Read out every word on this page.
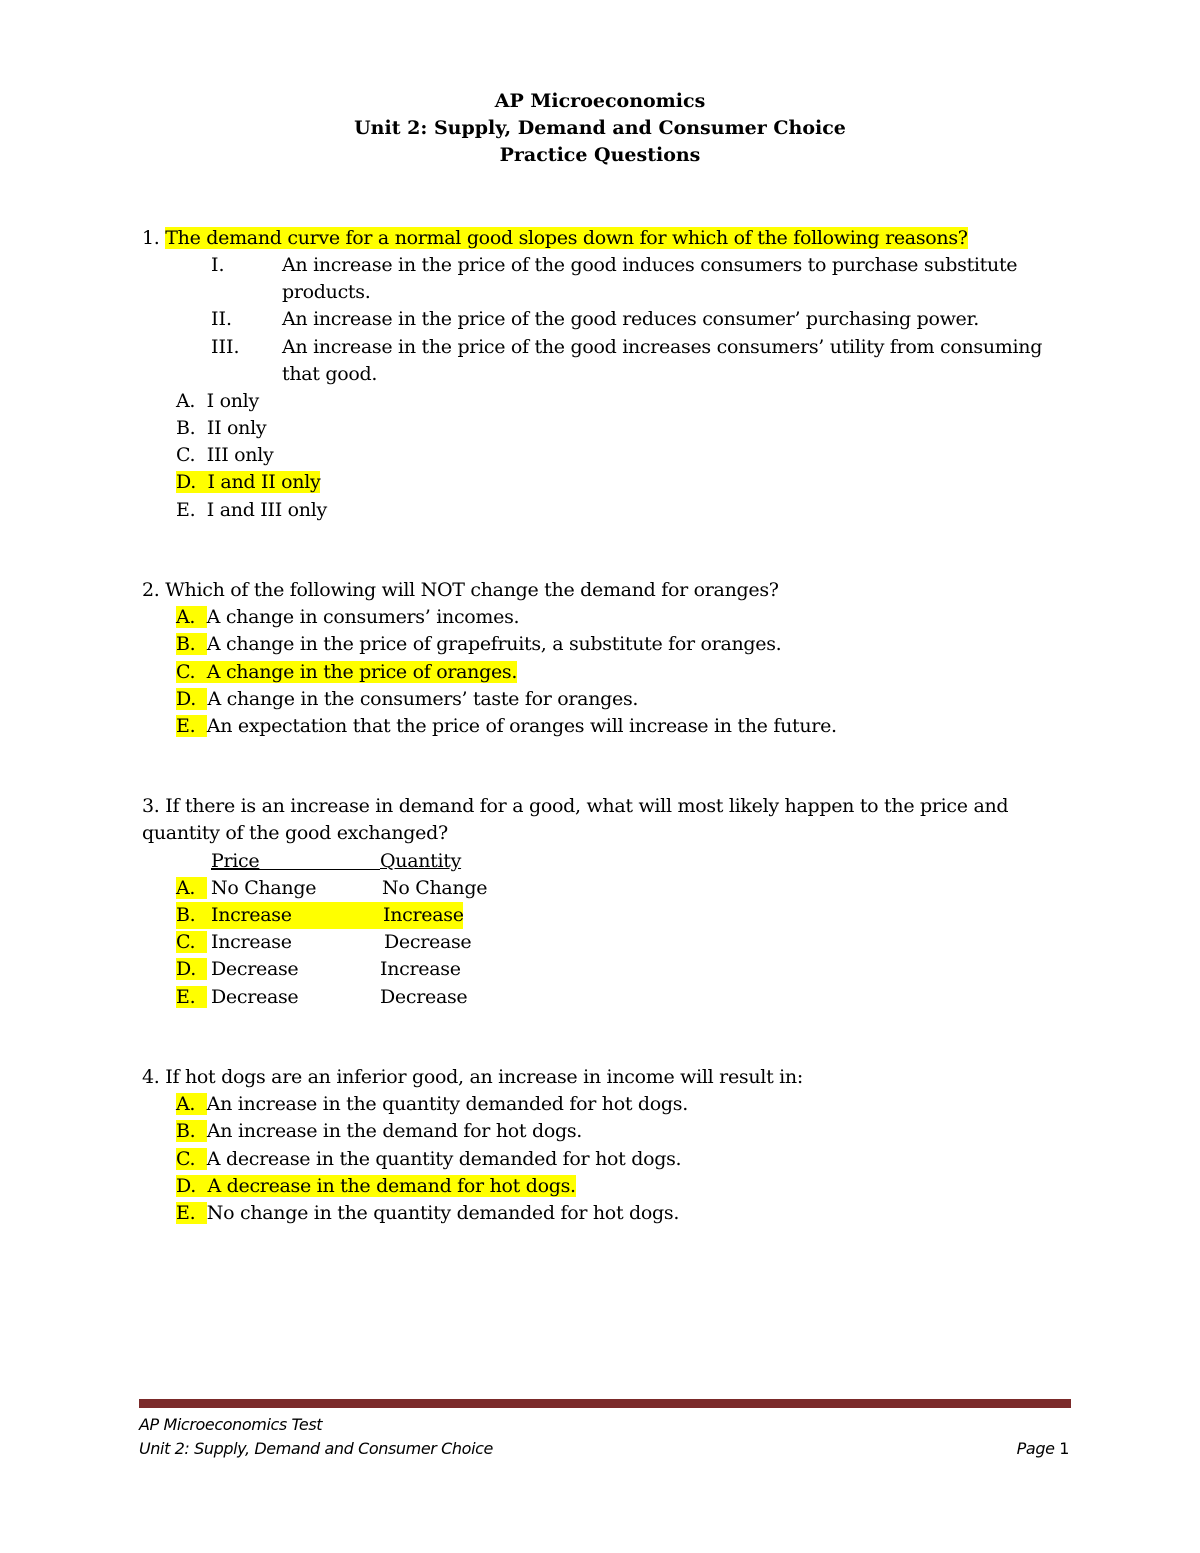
AP Microeconomics
Unit 2: Supply, Demand and Consumer Choice
Practice Questions
1. The demand curve for a normal good slopes down for which of the following reasons?
I.	An increase in the price of the good induces consumers to purchase substitute
products.
II.	An increase in the price of the good reduces consumer’ purchasing power.
III. An increase in the price of the good increases consumers’ utility from consuming
that good.
A. I only
B. II only
C. III only
D. I and II only
E. I and III only
2. Which of the following will NOT change the demand for oranges?
A. A change in consumers’ incomes.
B. A change in the price of grapefruits, a substitute for oranges.
C. A change in the price of oranges.
D. A change in the consumers’ taste for oranges.
E. An expectation that the price of oranges will increase in the future.
3. If there is an increase in demand for a good, what will most likely happen to the price and
quantity of the good exchanged?
Price	Quantity
A. No Change	No Change
B. Increase	Increase
C. Increase	Decrease
D. Decrease	Increase
E. Decrease	Decrease
4. If hot dogs are an inferior good, an increase in income will result in:
A. An increase in the quantity demanded for hot dogs.
B. An increase in the demand for hot dogs.
C. A decrease in the quantity demanded for hot dogs.
D. A decrease in the demand for hot dogs.
E. No change in the quantity demanded for hot dogs.
AP Microeconomics Test
Unit 2: Supply, Demand and Consumer Choice	Page 1
